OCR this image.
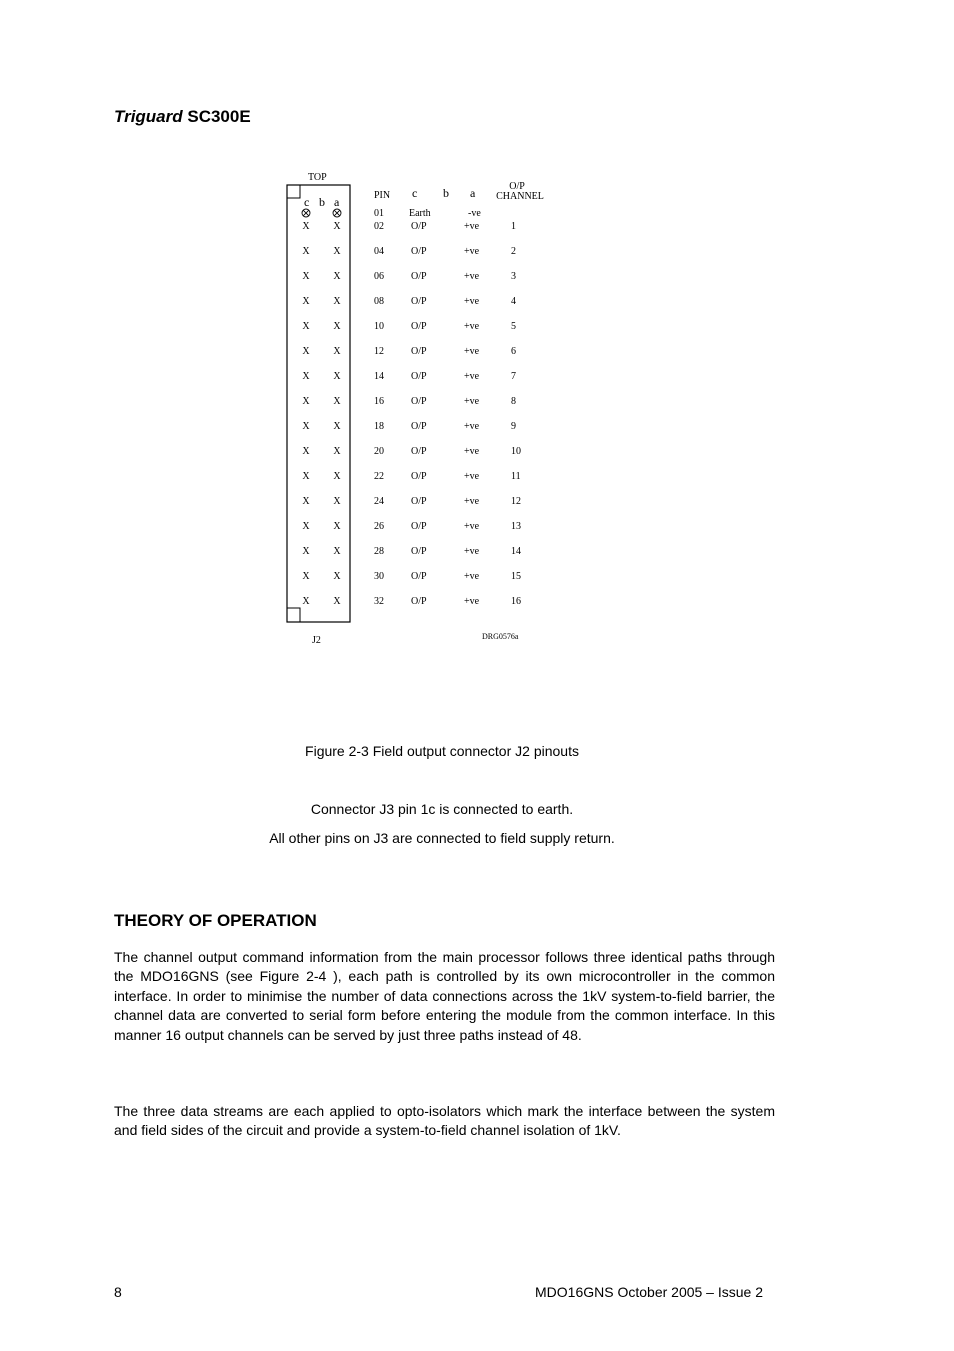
Triguard SC300E
TOP
J2	DRG0576a
c b a	PIN c b a	O/P
CHANNEL
01	Earth	-ve
X X	02	O/P	+ve	1
X X	04	O/P	+ve	2
X X	06	O/P	+ve	3
X X	08	O/P	+ve	4
X X	10	O/P	+ve	5
X X	12	O/P	+ve	6
X X	14	O/P	+ve	7
X X	16	O/P	+ve	8
X X	18	O/P	+ve	9
X X	20	O/P	+ve	10
X X	22	O/P	+ve	11
X X	24	O/P	+ve	12
X X	26	O/P	+ve	13
X X	28	O/P	+ve	14
X X	30	O/P	+ve	15
X X	32	O/P	+ve	16
Figure 2-3 Field output connector J2 pinouts
Connector J3 pin 1c is connected to earth.
All other pins on J3 are connected to field supply return.
THEORY OF OPERATION
The channel output command information from the main processor follows three identical paths through the MDO16GNS (see Figure 2-4 ), each path is controlled by its own microcontroller in the common interface. In order to minimise the number of data connections across the 1kV system-to-field barrier, the channel data are converted to serial form before entering the module from the common interface. In this manner 16 output channels can be served by just three paths instead of 48.
The three data streams are each applied to opto-isolators which mark the interface between the system and field sides of the circuit and provide a system-to-field channel isolation of 1kV.
8	MDO16GNS October 2005 – Issue 2
